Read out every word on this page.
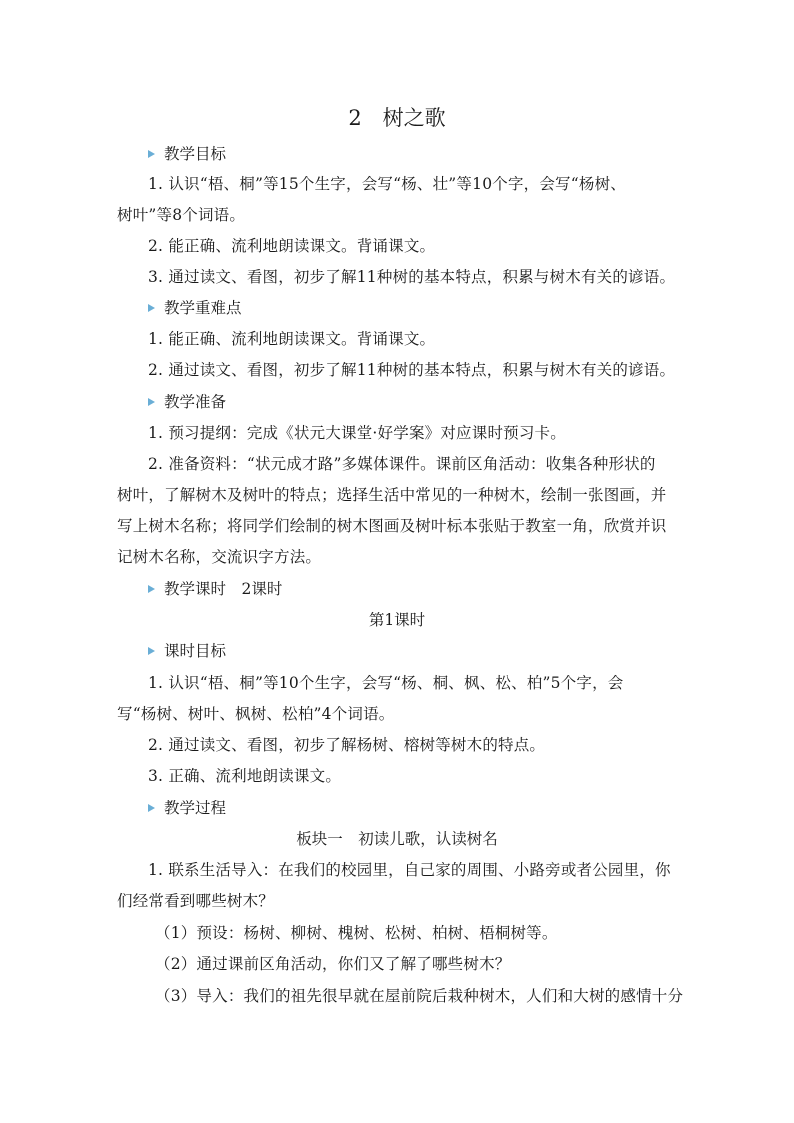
2　树之歌
教学目标
1. 认识“梧、桐”等15个生字，会写“杨、壮”等10个字，会写“杨树、
树叶”等8个词语。
2. 能正确、流利地朗读课文。背诵课文。
3. 通过读文、看图，初步了解11种树的基本特点，积累与树木有关的谚语。
教学重难点
1. 能正确、流利地朗读课文。背诵课文。
2. 通过读文、看图，初步了解11种树的基本特点，积累与树木有关的谚语。
教学准备
1. 预习提纲：完成《状元大课堂·好学案》对应课时预习卡。
2. 准备资料：“状元成才路”多媒体课件。课前区角活动：收集各种形状的
树叶，了解树木及树叶的特点；选择生活中常见的一种树木，绘制一张图画，并
写上树木名称；将同学们绘制的树木图画及树叶标本张贴于教室一角，欣赏并识
记树木名称，交流识字方法。
教学课时　2课时
第1课时
课时目标
1. 认识“梧、桐”等10个生字，会写“杨、桐、枫、松、柏”5个字，会
写“杨树、树叶、枫树、松柏”4个词语。
2. 通过读文、看图，初步了解杨树、榕树等树木的特点。
3. 正确、流利地朗读课文。
教学过程
板块一　初读儿歌，认读树名
1. 联系生活导入：在我们的校园里，自己家的周围、小路旁或者公园里，你
们经常看到哪些树木？
（1）预设：杨树、柳树、槐树、松树、柏树、梧桐树等。
（2）通过课前区角活动，你们又了解了哪些树木？
（3）导入：我们的祖先很早就在屋前院后栽种树木，人们和大树的感情十分
